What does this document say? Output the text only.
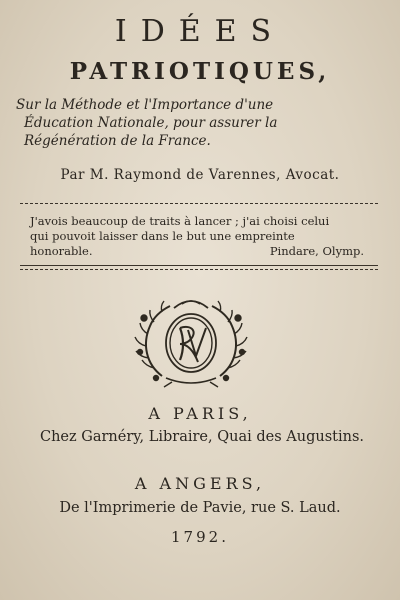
IDÉES
PATRIOTIQUES,
Sur la Méthode et l'Importance d'une
Éducation Nationale, pour assurer la
Régénération de la France.
Par M. Raymond de Varennes, Avocat.
J'avois beaucoup de traits à lancer ; j'ai choisi celui
qui pouvoit laisser dans le but une empreinte
honorable.	Pindare, Olymp.
A PARIS,
Chez Garnéry, Libraire, Quai des Augustins.
A ANGERS,
De l'Imprimerie de Pavie, rue S. Laud.
1792.
